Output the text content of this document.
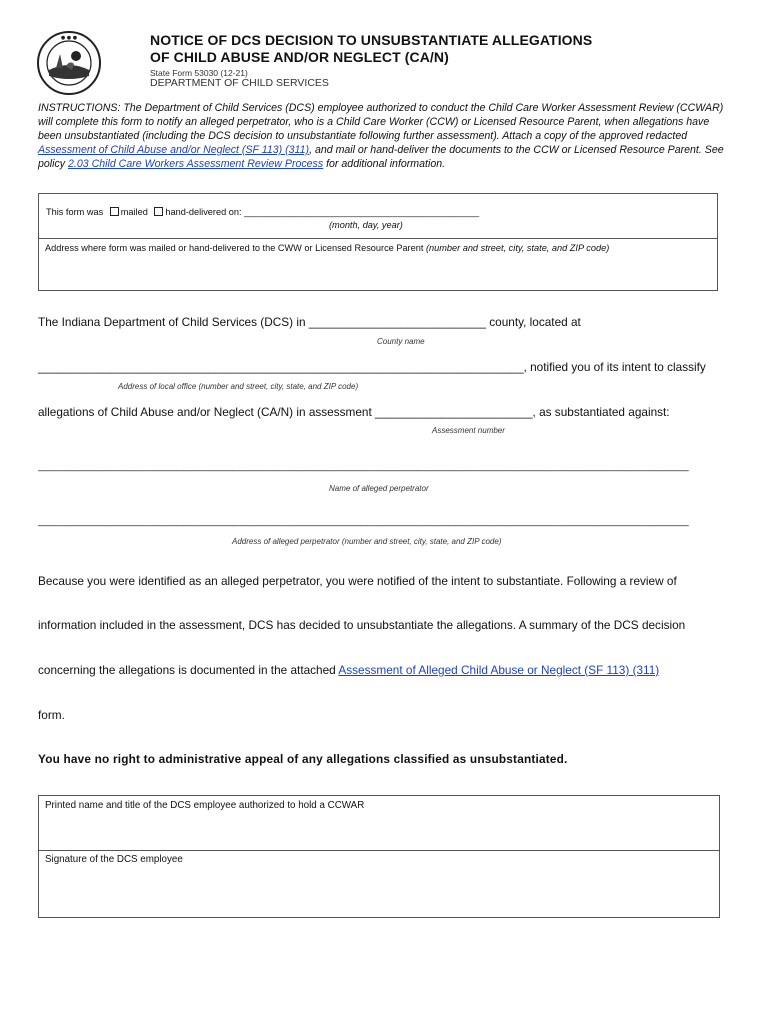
● ● ●	NOTICE OF DCS DECISION TO UNSUBSTANTIATE ALLEGATIONS
OF CHILD ABUSE AND/OR NEGLECT (CA/N)
State Form 53030 (12-21)
DEPARTMENT OF CHILD SERVICES
INSTRUCTIONS: The Department of Child Services (DCS) employee authorized to conduct the Child Care Worker Assessment Review (CCWAR) will complete this form to notify an alleged perpetrator, who is a Child Care Worker (CCW) or Licensed Resource Parent, when allegations have been unsubstantiated (including the DCS decision to unsubstantiate following further assessment). Attach a copy of the approved redacted Assessment of Child Abuse and/or Neglect (SF 113) (311), and mail or hand-deliver the documents to the CCW or Licensed Resource Parent. See policy 2.03 Child Care Workers Assessment Review Process for additional information.
This form was mailed hand-delivered on: ______________________________________________
(month, day, year)
Address where form was mailed or hand-delivered to the CWW or Licensed Resource Parent (number and street, city, state, and ZIP code)
The Indiana Department of Child Services (DCS) in ___________________________ county, located at
County name
__________________________________________________________________________, notified you of its intent to classify
Address of local office (number and street, city, state, and ZIP code)
allegations of Child Abuse and/or Neglect (CA/N) in assessment ________________________, as substantiated against:
Assessment number
_____________________________________________________________________________________________________________________
Name of alleged perpetrator
_____________________________________________________________________________________________________________________
Address of alleged perpetrator (number and street, city, state, and ZIP code)
Because you were identified as an alleged perpetrator, you were notified of the intent to substantiate. Following a review of
information included in the assessment, DCS has decided to unsubstantiate the allegations. A summary of the DCS decision
concerning the allegations is documented in the attached Assessment of Alleged Child Abuse or Neglect (SF 113) (311)
form.
You have no right to administrative appeal of any allegations classified as unsubstantiated.
Printed name and title of the DCS employee authorized to hold a CCWAR
Signature of the DCS employee
